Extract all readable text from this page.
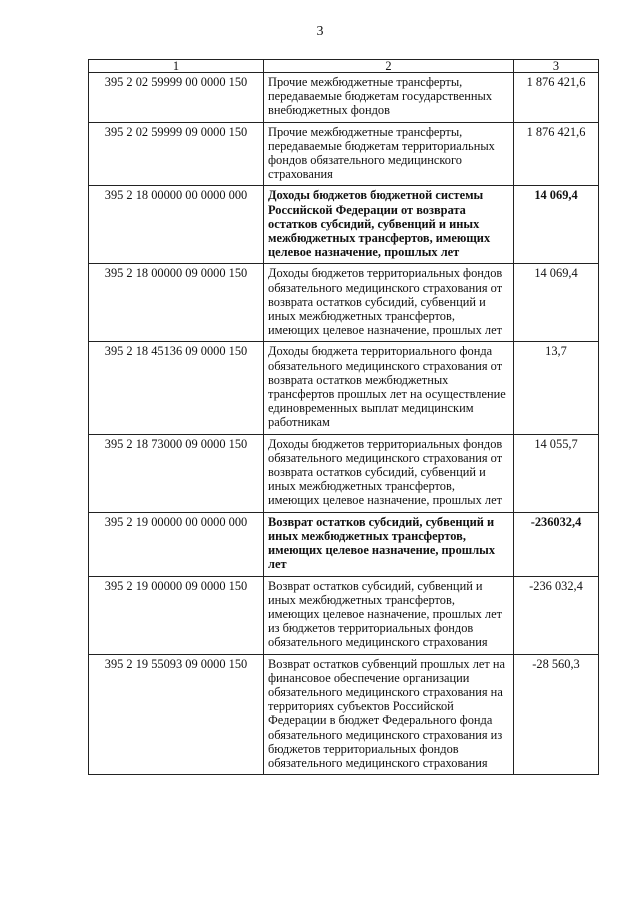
3
1	2	3
395 2 02 59999 00 0000 150	Прочие межбюджетные трансферты, передаваемые бюджетам государственных внебюджетных фондов	1 876 421,6
395 2 02 59999 09 0000 150	Прочие межбюджетные трансферты, передаваемые бюджетам территориальных фондов обязательного медицинского страхования	1 876 421,6
395 2 18 00000 00 0000 000	Доходы бюджетов бюджетной системы Российской Федерации от возврата остатков субсидий, субвенций и иных межбюджетных трансфертов, имеющих целевое назначение, прошлых лет	14 069,4
395 2 18 00000 09 0000 150	Доходы бюджетов территориальных фондов обязательного медицинского страхования от возврата остатков субсидий, субвенций и иных межбюджетных трансфертов, имеющих целевое назначение, прошлых лет	14 069,4
395 2 18 45136 09 0000 150	Доходы бюджета территориального фонда обязательного медицинского страхования от возврата остатков межбюджетных трансфертов прошлых лет на осуществление единовременных выплат медицинским работникам	13,7
395 2 18 73000 09 0000 150	Доходы бюджетов территориальных фондов обязательного медицинского страхования от возврата остатков субсидий, субвенций и иных межбюджетных трансфертов, имеющих целевое назначение, прошлых лет	14 055,7
395 2 19 00000 00 0000 000	Возврат остатков субсидий, субвенций и иных межбюджетных трансфертов, имеющих целевое назначение, прошлых лет	-236032,4
395 2 19 00000 09 0000 150	Возврат остатков субсидий, субвенций и иных межбюджетных трансфертов, имеющих целевое назначение, прошлых лет из бюджетов территориальных фондов обязательного медицинского страхования	-236 032,4
395 2 19 55093 09 0000 150	Возврат остатков субвенций прошлых лет на финансовое обеспечение организации обязательного медицинского страхования на территориях субъектов Российской Федерации в бюджет Федерального фонда обязательного медицинского страхования из бюджетов территориальных фондов обязательного медицинского страхования	-28 560,3
